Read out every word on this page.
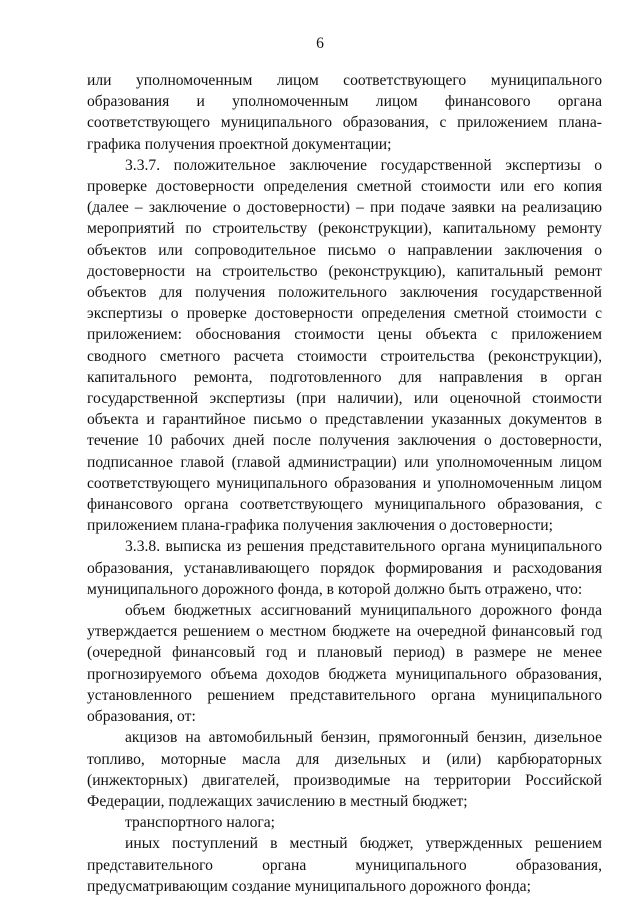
6

или уполномоченным лицом соответствующего муниципального образования и уполномоченным лицом финансового органа соответствующего муниципального образования, с приложением плана-графика получения проектной документации;

3.3.7. положительное заключение государственной экспертизы о проверке достоверности определения сметной стоимости или его копия (далее – заключение о достоверности) – при подаче заявки на реализацию мероприятий по строительству (реконструкции), капитальному ремонту объектов или сопроводительное письмо о направлении заключения о достоверности на строительство (реконструкцию), капитальный ремонт объектов для получения положительного заключения государственной экспертизы о проверке достоверности определения сметной стоимости с приложением: обоснования стоимости цены объекта с приложением сводного сметного расчета стоимости строительства (реконструкции), капитального ремонта, подготовленного для направления в орган государственной экспертизы (при наличии), или оценочной стоимости объекта и гарантийное письмо о представлении указанных документов в течение 10 рабочих дней после получения заключения о достоверности, подписанное главой (главой администрации) или уполномоченным лицом соответствующего муниципального образования и уполномоченным лицом финансового органа соответствующего муниципального образования, с приложением плана-графика получения заключения о достоверности;

3.3.8. выписка из решения представительного органа муниципального образования, устанавливающего порядок формирования и расходования муниципального дорожного фонда, в которой должно быть отражено, что:

объем бюджетных ассигнований муниципального дорожного фонда утверждается решением о местном бюджете на очередной финансовый год (очередной финансовый год и плановый период) в размере не менее прогнозируемого объема доходов бюджета муниципального образования, установленного решением представительного органа муниципального образования, от:

акцизов на автомобильный бензин, прямогонный бензин, дизельное топливо, моторные масла для дизельных и (или) карбюраторных (инжекторных) двигателей, производимые на территории Российской Федерации, подлежащих зачислению в местный бюджет;

транспортного налога;

иных поступлений в местный бюджет, утвержденных решением представительного органа муниципального образования, предусматривающим создание муниципального дорожного фонда;
